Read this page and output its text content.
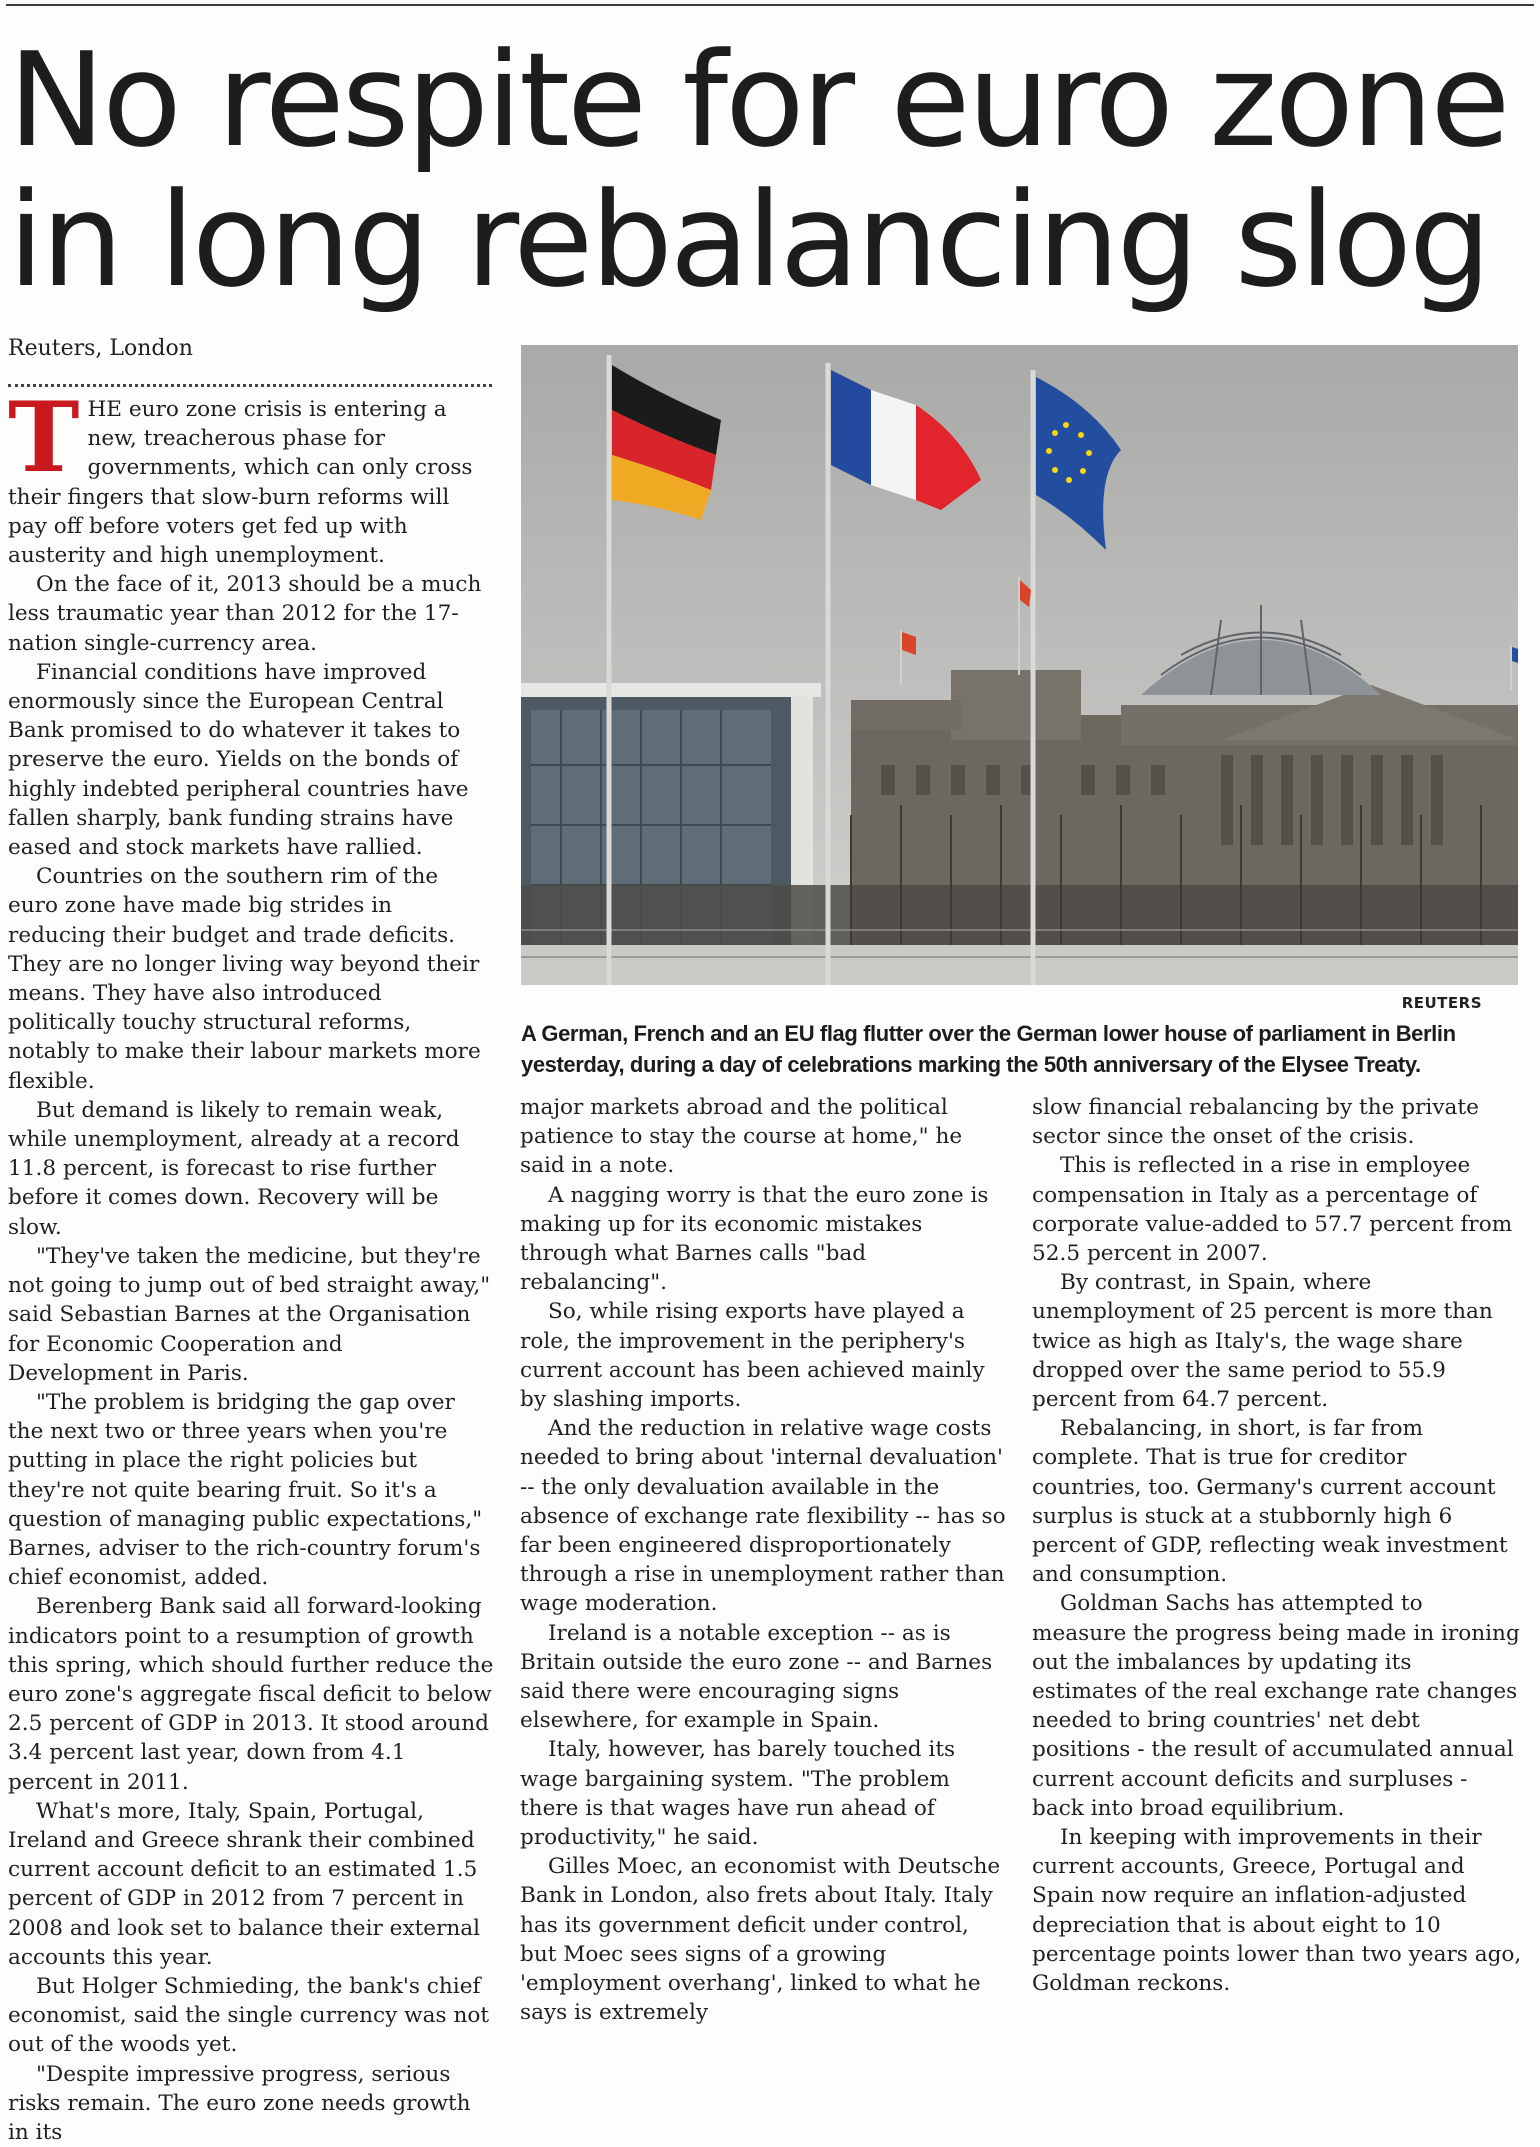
No respite for euro zone
in long rebalancing slog
Reuters, London

THE euro zone crisis is entering a new, treacherous phase for governments, which can only cross their fingers that slow-burn reforms will pay off before voters get fed up with austerity and high unemployment.

On the face of it, 2013 should be a much less traumatic year than 2012 for the 17-nation single-currency area.

Financial conditions have improved enormously since the European Central Bank promised to do whatever it takes to preserve the euro. Yields on the bonds of highly indebted peripheral countries have fallen sharply, bank funding strains have eased and stock markets have rallied.

Countries on the southern rim of the euro zone have made big strides in reducing their budget and trade deficits. They are no longer living way beyond their means. They have also introduced politically touchy structural reforms, notably to make their labour markets more flexible.

But demand is likely to remain weak, while unemployment, already at a record 11.8 percent, is forecast to rise further before it comes down. Recovery will be slow.

"They've taken the medicine, but they're not going to jump out of bed straight away," said Sebastian Barnes at the Organisation for Economic Cooperation and Development in Paris.

"The problem is bridging the gap over the next two or three years when you're putting in place the right policies but they're not quite bearing fruit. So it's a question of managing public expectations," Barnes, adviser to the rich-country forum's chief economist, added.

Berenberg Bank said all forward-looking indicators point to a resumption of growth this spring, which should further reduce the euro zone's aggregate fiscal deficit to below 2.5 percent of GDP in 2013. It stood around 3.4 percent last year, down from 4.1 percent in 2011.

What's more, Italy, Spain, Portugal, Ireland and Greece shrank their combined current account deficit to an estimated 1.5 percent of GDP in 2012 from 7 percent in 2008 and look set to balance their external accounts this year.

But Holger Schmieding, the bank's chief economist, said the single currency was not out of the woods yet.

"Despite impressive progress, serious risks remain. The euro zone needs growth in its

REUTERS
A German, French and an EU flag flutter over the German lower house of parliament in Berlin yesterday, during a day of celebrations marking the 50th anniversary of the Elysee Treaty.

major markets abroad and the political patience to stay the course at home," he said in a note.

A nagging worry is that the euro zone is making up for its economic mistakes through what Barnes calls "bad rebalancing".

So, while rising exports have played a role, the improvement in the periphery's current account has been achieved mainly by slashing imports.

And the reduction in relative wage costs needed to bring about 'internal devaluation' -- the only devaluation available in the absence of exchange rate flexibility -- has so far been engineered disproportionately through a rise in unemployment rather than wage moderation.

Ireland is a notable exception -- as is Britain outside the euro zone -- and Barnes said there were encouraging signs elsewhere, for example in Spain.

Italy, however, has barely touched its wage bargaining system. "The problem there is that wages have run ahead of productivity," he said.

Gilles Moec, an economist with Deutsche Bank in London, also frets about Italy. Italy has its government deficit under control, but Moec sees signs of a growing 'employment overhang', linked to what he says is extremely

slow financial rebalancing by the private sector since the onset of the crisis.

This is reflected in a rise in employee compensation in Italy as a percentage of corporate value-added to 57.7 percent from 52.5 percent in 2007.

By contrast, in Spain, where unemployment of 25 percent is more than twice as high as Italy's, the wage share dropped over the same period to 55.9 percent from 64.7 percent.

Rebalancing, in short, is far from complete. That is true for creditor countries, too. Germany's current account surplus is stuck at a stubbornly high 6 percent of GDP, reflecting weak investment and consumption.

Goldman Sachs has attempted to measure the progress being made in ironing out the imbalances by updating its estimates of the real exchange rate changes needed to bring countries' net debt positions - the result of accumulated annual current account deficits and surpluses - back into broad equilibrium.

In keeping with improvements in their current accounts, Greece, Portugal and Spain now require an inflation-adjusted depreciation that is about eight to 10 percentage points lower than two years ago, Goldman reckons.
